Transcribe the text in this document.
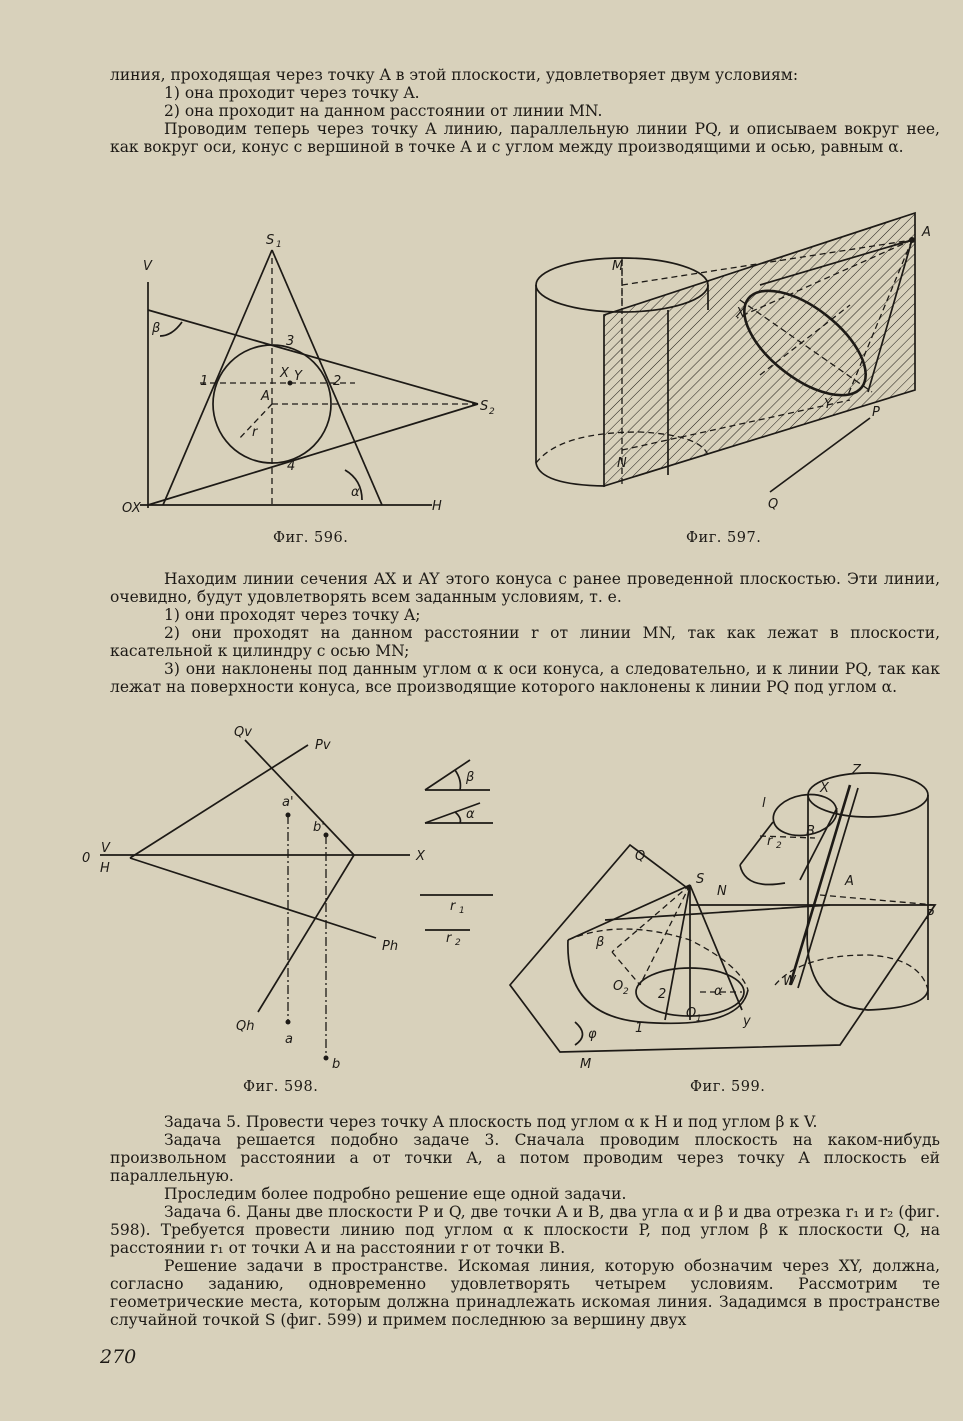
линия, проходящая через точку A в этой плоскости, удовлетворяет двум условиям:

1) она проходит через точку A.

2) она проходит на данном расстоянии от линии MN.

Проводим теперь через точку A линию, параллельную линии PQ, и описываем вокруг нее, как вокруг оси, конус с вершиной в точке A и с углом между производящими и осью, равным α.

S 1
V
β
3
1	2
X Y
A
S 2
r
4
α
OX	H
Фиг. 596.
A
M
X
Y
N
P
Q
Фиг. 597.

Находим линии сечения AX и AY этого конуса с ранее проведенной плоскостью. Эти линии, очевидно, будут удовлетворять всем заданным условиям, т. е.

1) они проходят через точку A;

2) они проходят на данном расстоянии r от линии MN, так как лежат в плоскости, касательной к цилиндру с осью MN;

3) они наклонены под данным углом α к оси конуса, а следовательно, и к линии PQ, так как лежат на поверхности конуса, все производящие которого наклонены к линии PQ под углом α.

Qv
Pv
a'
b'
0
V
H
X
Ph
Qh
a
b
β
α
r 1
r 2
Фиг. 598.
Z
X
l
r 2
B
Q
S
N
A
P
β
O 2 2	α
W
O 1
1	y
φ
M
Фиг. 599.

Задача 5. Провести через точку A плоскость под углом α к H и под углом β к V.

Задача решается подобно задаче 3. Сначала проводим плоскость на каком-нибудь произвольном расстоянии a от точки A, а потом проводим через точку A плоскость ей параллельную.

Проследим более подробно решение еще одной задачи.

Задача 6. Даны две плоскости P и Q, две точки A и B, два угла α и β и два отрезка r₁ и r₂ (фиг. 598). Требуется провести линию под углом α к плоскости P, под углом β к плоскости Q, на расстоянии r₁ от точки A и на расстоянии r от точки B.

Решение задачи в пространстве. Искомая линия, которую обозначим через XY, должна, согласно заданию, одновременно удовлетворять четырем условиям. Рассмотрим те геометрические места, которым должна принадлежать искомая линия. Зададимся в пространстве случайной точкой S (фиг. 599) и примем последнюю за вершину двух

270
